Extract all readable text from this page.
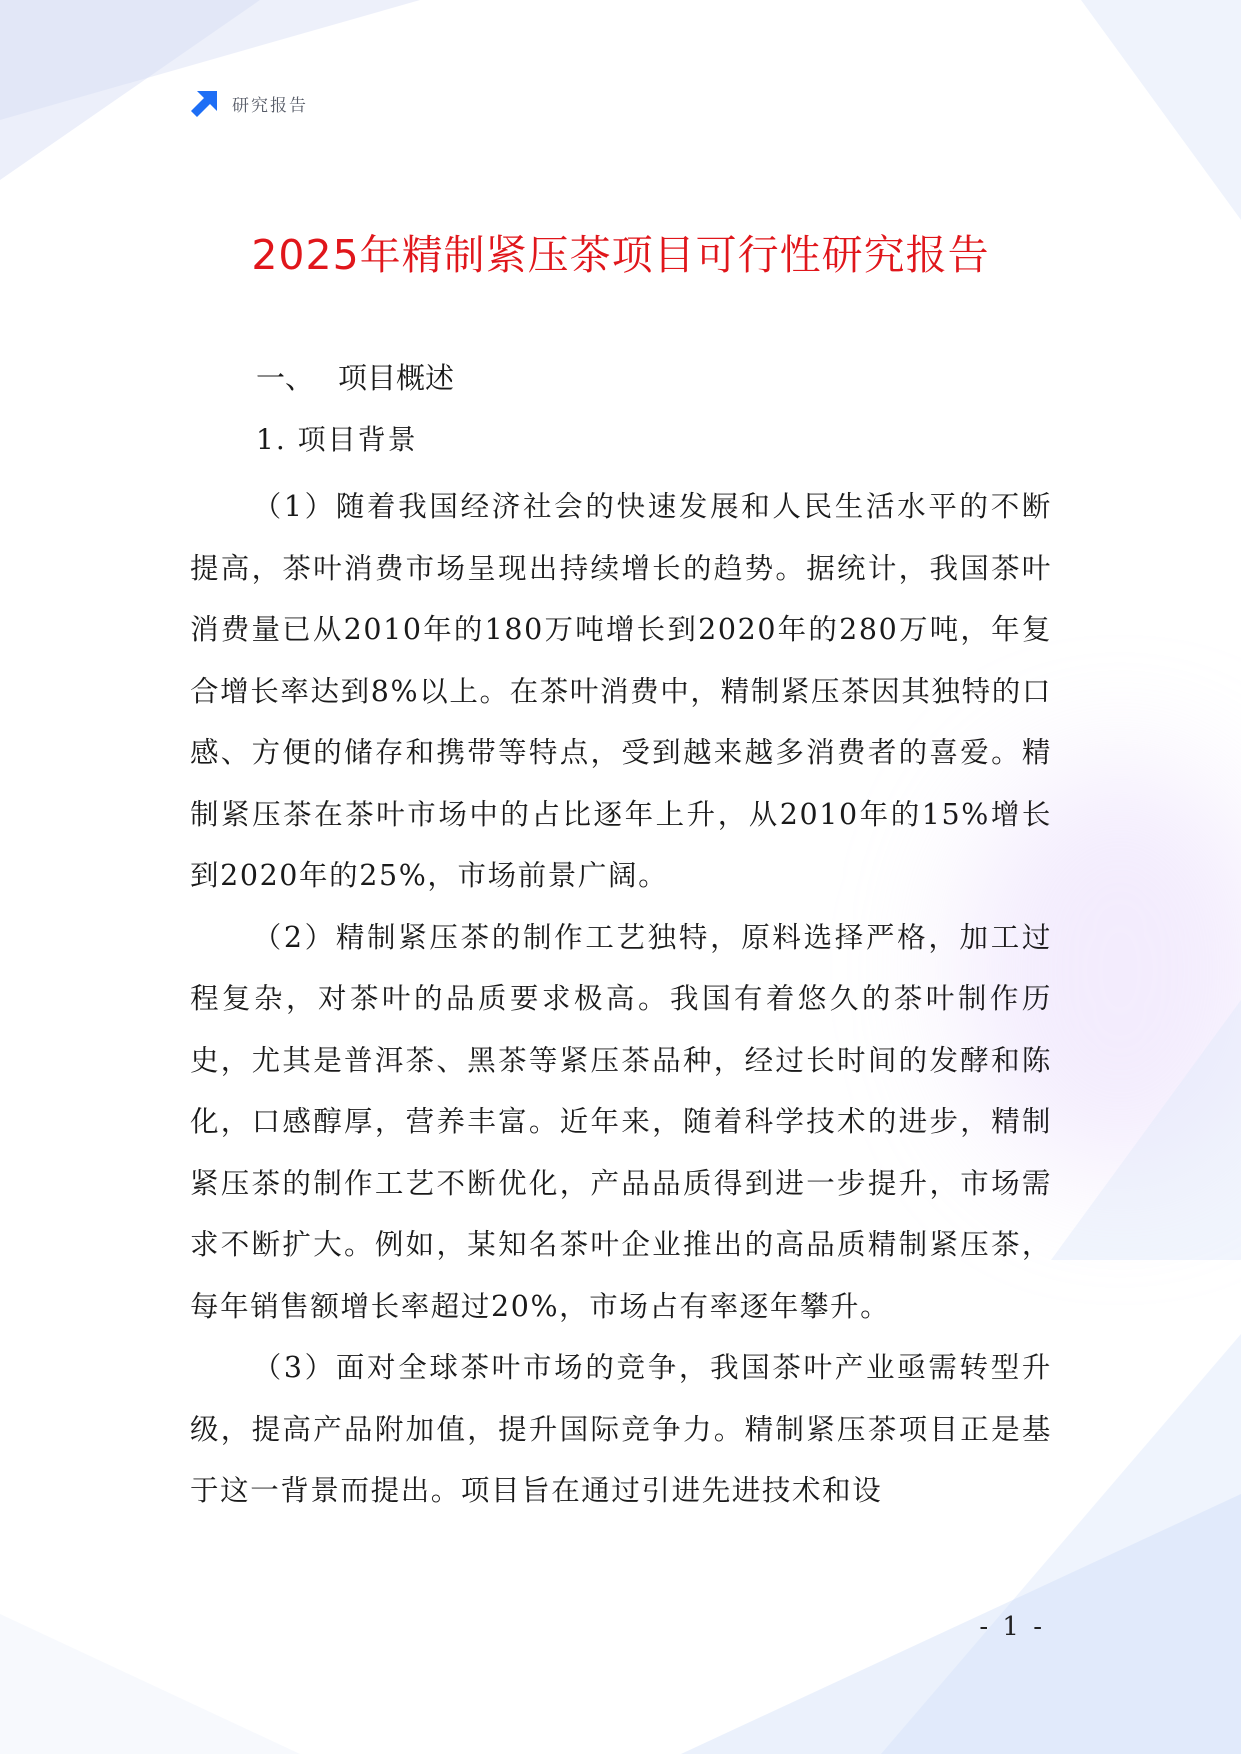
研究报告
2025年精制紧压茶项目可行性研究报告
一、 项目概述
1. 项目背景

（1）随着我国经济社会的快速发展和人民生活水平的不断提高，茶叶消费市场呈现出持续增长的趋势。据统计，我国茶叶消费量已从2010年的180万吨增长到2020年的280万吨，年复合增长率达到8%以上。在茶叶消费中，精制紧压茶因其独特的口感、方便的储存和携带等特点，受到越来越多消费者的喜爱。精制紧压茶在茶叶市场中的占比逐年上升，从2010年的15%增长到2020年的25%，市场前景广阔。

（2）精制紧压茶的制作工艺独特，原料选择严格，加工过程复杂，对茶叶的品质要求极高。我国有着悠久的茶叶制作历史，尤其是普洱茶、黑茶等紧压茶品种，经过长时间的发酵和陈化，口感醇厚，营养丰富。近年来，随着科学技术的进步，精制紧压茶的制作工艺不断优化，产品品质得到进一步提升，市场需求不断扩大。例如，某知名茶叶企业推出的高品质精制紧压茶，每年销售额增长率超过20%，市场占有率逐年攀升。

（3）面对全球茶叶市场的竞争，我国茶叶产业亟需转型升级，提高产品附加值，提升国际竞争力。精制紧压茶项目正是基于这一背景而提出。项目旨在通过引进先进技术和设

- 1 -
